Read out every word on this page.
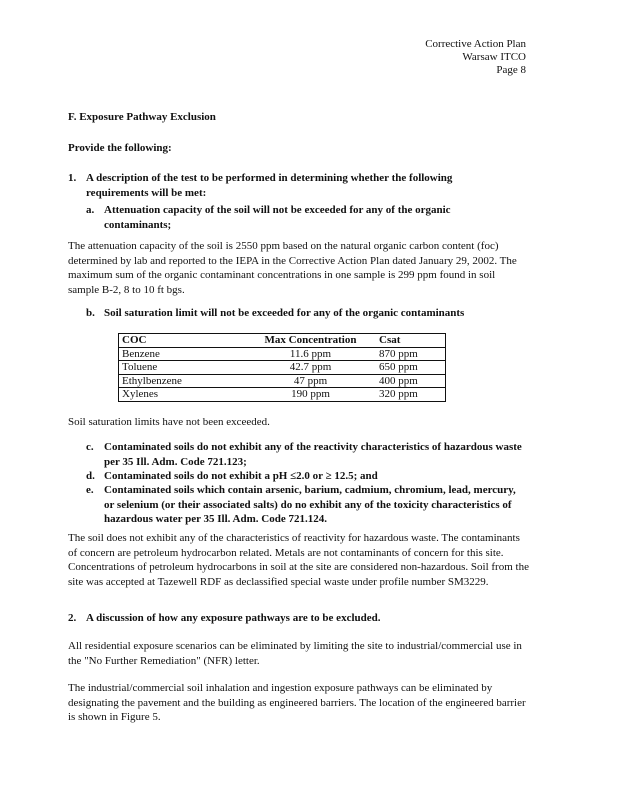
Corrective Action Plan
Warsaw ITCO
Page 8
F. Exposure Pathway Exclusion
Provide the following:
1. A description of the test to be performed in determining whether the following requirements will be met:
a. Attenuation capacity of the soil will not be exceeded for any of the organic contaminants;
The attenuation capacity of the soil is 2550 ppm based on the natural organic carbon content (foc) determined by lab and reported to the IEPA in the Corrective Action Plan dated January 29, 2002. The maximum sum of the organic contaminant concentrations in one sample is 299 ppm found in soil sample B-2, 8 to 10 ft bgs.
b. Soil saturation limit will not be exceeded for any of the organic contaminants
COC	Max Concentration	Csat
Benzene	11.6 ppm	870 ppm
Toluene	42.7 ppm	650 ppm
Ethylbenzene	47 ppm	400 ppm
Xylenes	190 ppm	320 ppm
Soil saturation limits have not been exceeded.
c. Contaminated soils do not exhibit any of the reactivity characteristics of hazardous waste per 35 Ill. Adm. Code 721.123;
d. Contaminated soils do not exhibit a pH ≤2.0 or ≥ 12.5; and
e. Contaminated soils which contain arsenic, barium, cadmium, chromium, lead, mercury, or selenium (or their associated salts) do no exhibit any of the toxicity characteristics of hazardous water per 35 Ill. Adm. Code 721.124.
The soil does not exhibit any of the characteristics of reactivity for hazardous waste. The contaminants of concern are petroleum hydrocarbon related. Metals are not contaminants of concern for this site. Concentrations of petroleum hydrocarbons in soil at the site are considered non-hazardous. Soil from the site was accepted at Tazewell RDF as declassified special waste under profile number SM3229.
2. A discussion of how any exposure pathways are to be excluded.
All residential exposure scenarios can be eliminated by limiting the site to industrial/commercial use in the "No Further Remediation" (NFR) letter.
The industrial/commercial soil inhalation and ingestion exposure pathways can be eliminated by designating the pavement and the building as engineered barriers. The location of the engineered barrier is shown in Figure 5.
